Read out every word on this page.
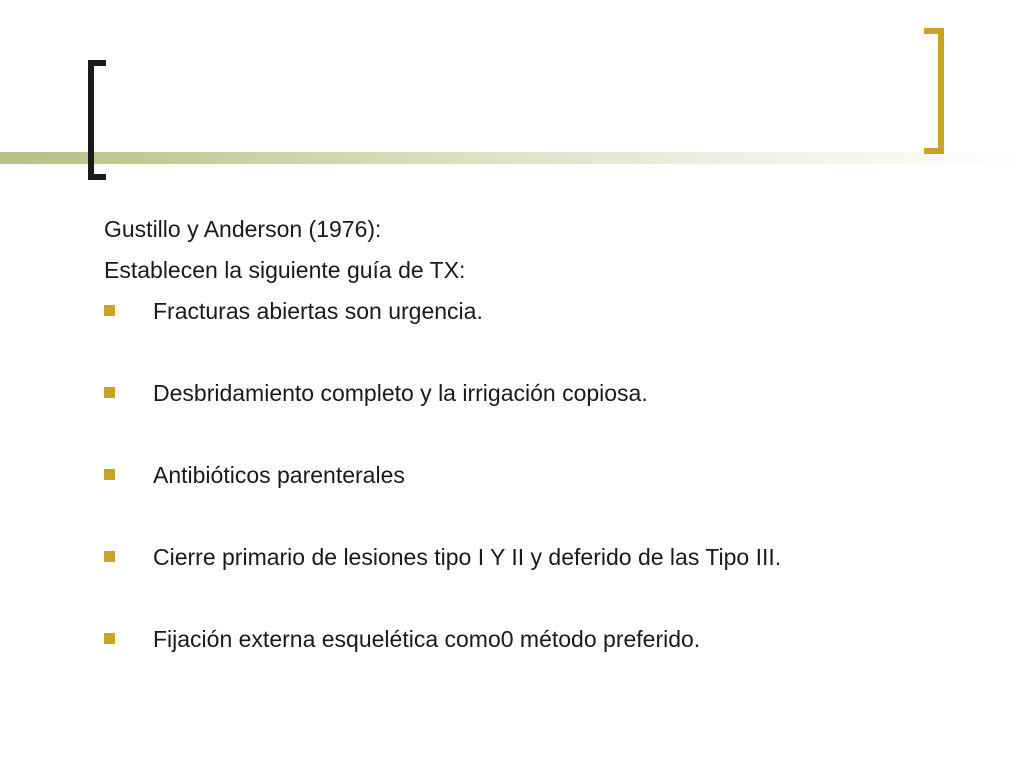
Gustillo y Anderson (1976):
Establecen la siguiente guía de TX:
Fracturas abiertas son urgencia.
Desbridamiento completo y la irrigación copiosa.
Antibióticos parenterales
Cierre primario de lesiones tipo I Y II y deferido de las Tipo III.
Fijación externa esquelética como0 método preferido.
